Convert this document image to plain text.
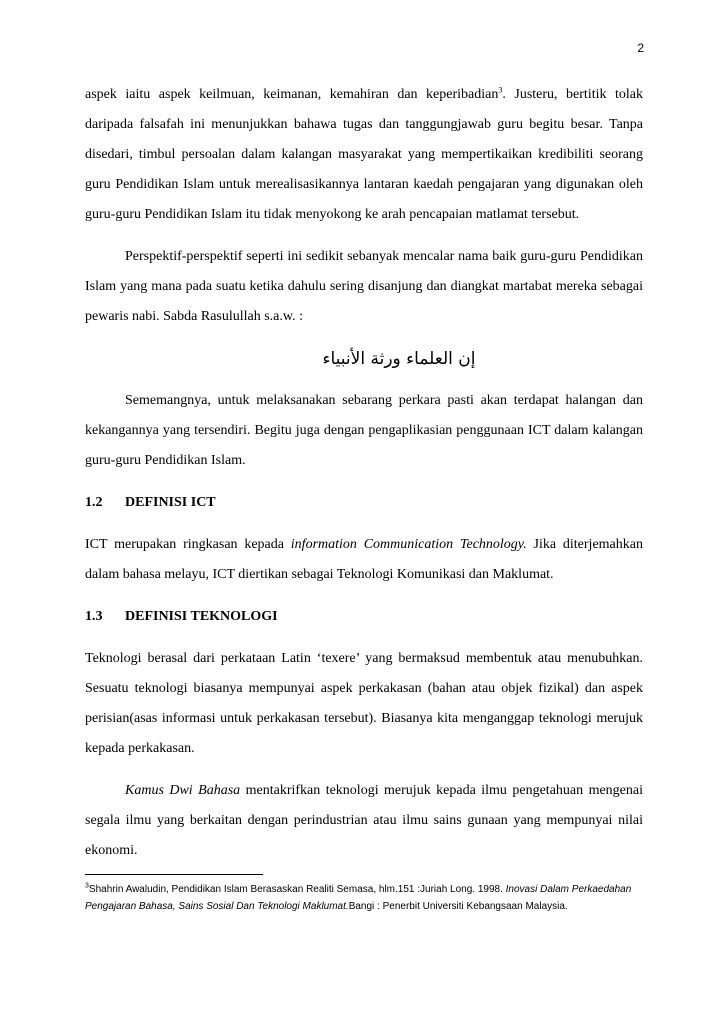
2

aspek iaitu aspek keilmuan, keimanan, kemahiran dan keperibadian$^3$. Justeru, bertitik tolak daripada falsafah ini menunjukkan bahawa tugas dan tanggungjawab guru begitu besar. Tanpa disedari, timbul persoalan dalam kalangan masyarakat yang mempertikaikan kredibiliti seorang guru Pendidikan Islam untuk merealisasikannya lantaran kaedah pengajaran yang digunakan oleh guru-guru Pendidikan Islam itu tidak menyokong ke arah pencapaian matlamat tersebut.

Perspektif-perspektif seperti ini sedikit sebanyak mencalar nama baik guru-guru Pendidikan Islam yang mana pada suatu ketika dahulu sering disanjung dan diangkat martabat mereka sebagai pewaris nabi. Sabda Rasulullah s.a.w. :

إن العلماء ورثة الأنبياء

Sememangnya, untuk melaksanakan sebarang perkara pasti akan terdapat halangan dan kekangannya yang tersendiri. Begitu juga dengan pengaplikasian penggunaan ICT dalam kalangan guru-guru Pendidikan Islam.

1.2 DEFINISI ICT

ICT merupakan ringkasan kepada information Communication Technology. Jika diterjemahkan dalam bahasa melayu, ICT diertikan sebagai Teknologi Komunikasi dan Maklumat.

1.3 DEFINISI TEKNOLOGI

Teknologi berasal dari perkataan Latin ‘texere’ yang bermaksud membentuk atau menubuhkan. Sesuatu teknologi biasanya mempunyai aspek perkakasan (bahan atau objek fizikal) dan aspek perisian(asas informasi untuk perkakasan tersebut). Biasanya kita menganggap teknologi merujuk kepada perkakasan.

Kamus Dwi Bahasa mentakrifkan teknologi merujuk kepada ilmu pengetahuan mengenai segala ilmu yang berkaitan dengan perindustrian atau ilmu sains gunaan yang mempunyai nilai ekonomi.

$^3$Shahrin Awaludin, Pendidikan Islam Berasaskan Realiti Semasa, hlm.151 :Juriah Long. 1998. Inovasi Dalam Perkaedahan Pengajaran Bahasa, Sains Sosial Dan Teknologi Maklumat.Bangi : Penerbit Universiti Kebangsaan Malaysia.
